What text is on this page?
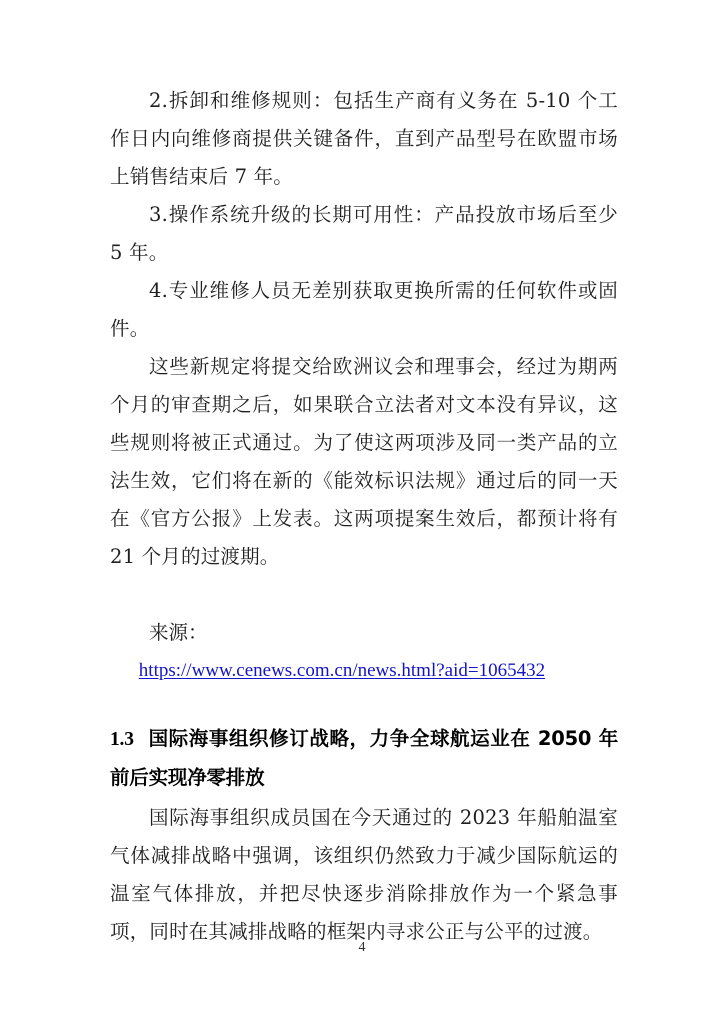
2.拆卸和维修规则：包括生产商有义务在 5-10 个工作日内向维修商提供关键备件，直到产品型号在欧盟市场上销售结束后 7 年。

3.操作系统升级的长期可用性：产品投放市场后至少 5 年。

4.专业维修人员无差别获取更换所需的任何软件或固件。

这些新规定将提交给欧洲议会和理事会，经过为期两个月的审查期之后，如果联合立法者对文本没有异议，这些规则将被正式通过。为了使这两项涉及同一类产品的立法生效，它们将在新的《能效标识法规》通过后的同一天在《官方公报》上发表。这两项提案生效后，都预计将有 21 个月的过渡期。

来源：

https://www.cenews.com.cn/news.html?aid=1065432

1.3 国际海事组织修订战略，力争全球航运业在 2050 年前后实现净零排放

国际海事组织成员国在今天通过的 2023 年船舶温室气体减排战略中强调，该组织仍然致力于减少国际航运的温室气体排放，并把尽快逐步消除排放作为一个紧急事项，同时在其减排战略的框架内寻求公正与公平的过渡。

4
